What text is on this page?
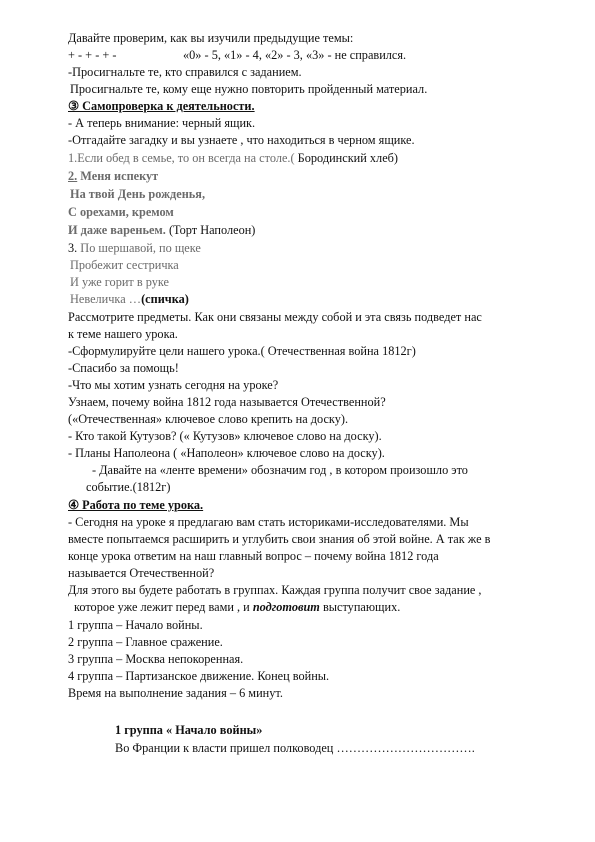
Давайте проверим, как вы изучили предыдущие темы:
+ - + - + -	«0» - 5, «1» - 4, «2» - 3, «3» - не справился.
-Просигнальте те, кто справился с заданием.
Просигнальте те, кому еще нужно повторить пройденный материал.
③ Самопроверка к деятельности.
- А теперь внимание: черный ящик.
-Отгадайте загадку и вы узнаете , что находиться в черном ящике.
1.Если обед в семье, то он всегда на столе.( Бородинский хлеб)
2. Меня испекут
На твой День рожденья,
С орехами, кремом
И даже вареньем. (Торт Наполеон)
3. По шершавой, по щеке
Пробежит сестричка
И уже горит в руке
Невеличка …(спичка)
Рассмотрите предметы. Как они связаны между собой и эта связь подведет нас
к теме нашего урока.
-Сформулируйте цели нашего урока.( Отечественная война 1812г)
-Спасибо за помощь!
-Что мы хотим узнать сегодня на уроке?
Узнаем, почему война 1812 года называется Отечественной?
(«Отечественная» ключевое слово крепить на доску).
- Кто такой Кутузов? (« Кутузов» ключевое слово на доску).
- Планы Наполеона ( «Наполеон» ключевое слово на доску).
- Давайте на «ленте времени» обозначим год , в котором произошло это
событие.(1812г)
④ Работа по теме урока.
- Сегодня на уроке я предлагаю вам стать историками-исследователями. Мы
вместе попытаемся расширить и углубить свои знания об этой войне. А так же в
конце урока ответим на наш главный вопрос – почему война 1812 года
называется Отечественной?
Для этого вы будете работать в группах. Каждая группа получит свое задание ,
которое уже лежит перед вами , и подготовит выступающих.
1 группа – Начало войны.
2 группа – Главное сражение.
3 группа – Москва непокоренная.
4 группа – Партизанское движение. Конец войны.
Время на выполнение задания – 6 минут.
1 группа « Начало войны»
Во Франции к власти пришел полководец …………………………….
